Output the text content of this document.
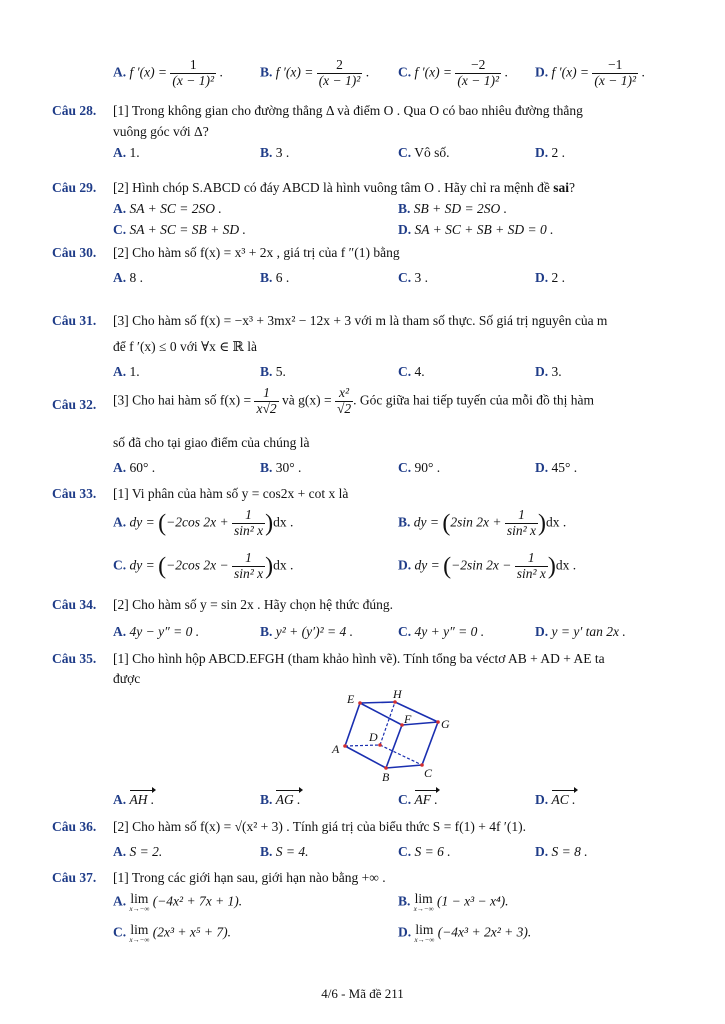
A. f $'(x) = \frac{1}{\text{(x − 1)²}}$ .	B. f $'(x) = \frac{2}{\text{(x − 1)²}}$ . C. f $'(x) = \frac{-2}{\text{(x − 1)²}}$ . D. f $'(x) = \frac{-1}{\text{(x − 1)²}}$ .
Câu 28. [1] Trong không gian cho đường thẳng Δ và điểm O . Qua O có bao nhiêu đường thẳng
vuông góc với Δ?
A. 1.	B. 3 .	C. Vô số.	D. 2 .
Câu 29. [2] Hình chóp S.ABCD có đáy ABCD là hình vuông tâm O . Hãy chỉ ra mệnh đề sai?
A. SA + SC = 2SO .	B. SB + SD = 2SO .
C. SA + SC = SB + SD .	D. SA + SC + SB + SD = 0 .
Câu 30. [2] Cho hàm số f(x) = x³ + 2x , giá trị của f ″(1) bằng
A. 8 .	B. 6 .	C. 3 .	D. 2 .
Câu 31. [3] Cho hàm số f(x) = −x³ + 3mx² − 12x + 3 với m là tham số thực. Số giá trị nguyên của m
để f ′(x) ≤ 0 với ∀x ∈ ℝ là
A. 1.	B. 5.	C. 4.	D. 3.
Câu 32. [3] Cho hai hàm số $f(x) = \frac{1}{x√2}$ và $g(x) = \frac{\text{x²}}{√2}$ . Góc giữa hai tiếp tuyến của mỗi đồ thị hàm
số đã cho tại giao điểm của chúng là
A. 60° .	B. 30° .	C. 90° .	D. 45° .
Câu 33. [1] Vi phân của hàm số y = cos2x + cot x là
A. dy = (−2cos $2x + \frac{1}{\text{sin² x}} )dx$ .	B. dy = (2sin $2x + \frac{1}{\text{sin² x}} )dx$ .
C. dy = (−2cos $2x - \frac{1}{\text{sin² x}} )dx$ .	D. dy = (−2sin $2x - \frac{1}{\text{sin² x}} )dx$ .
Câu 34. [2] Cho hàm số y = sin 2x . Hãy chọn hệ thức đúng.
A. 4y − y″ = 0 .	B. y² + (y′)² = 4 .	C. 4y + y″ = 0 .	D. y = y′ tan 2x .
Câu 35. [1] Cho hình hộp ABCD.EFGH (tham khảo hình vẽ). Tính tổng ba véctơ AB + AD + AE ta
được
A
B	C
D
E
F G
H
A. AH .	B. AG .	C. AF .	D. AC .
Câu 36. [2] Cho hàm số f(x) = √(x² + 3) . Tính giá trị của biểu thức S = f(1) + 4f ′(1).
A. S = 2.	B. S = 4.	C. S = 6 .	D. S = 8 .
Câu 37. [1] Trong các giới hạn sau, giới hạn nào bằng +∞ .
A. lim
x→−∞
(−4x² + 7x + 1).	B. lim
x→−∞
(1 − x³ − x⁴).
C. lim
x→−∞
(2x³ + x⁵ + 7).	D. lim
x→−∞
(−4x³ + 2x² + 3).
4/6 - Mã đề 211
